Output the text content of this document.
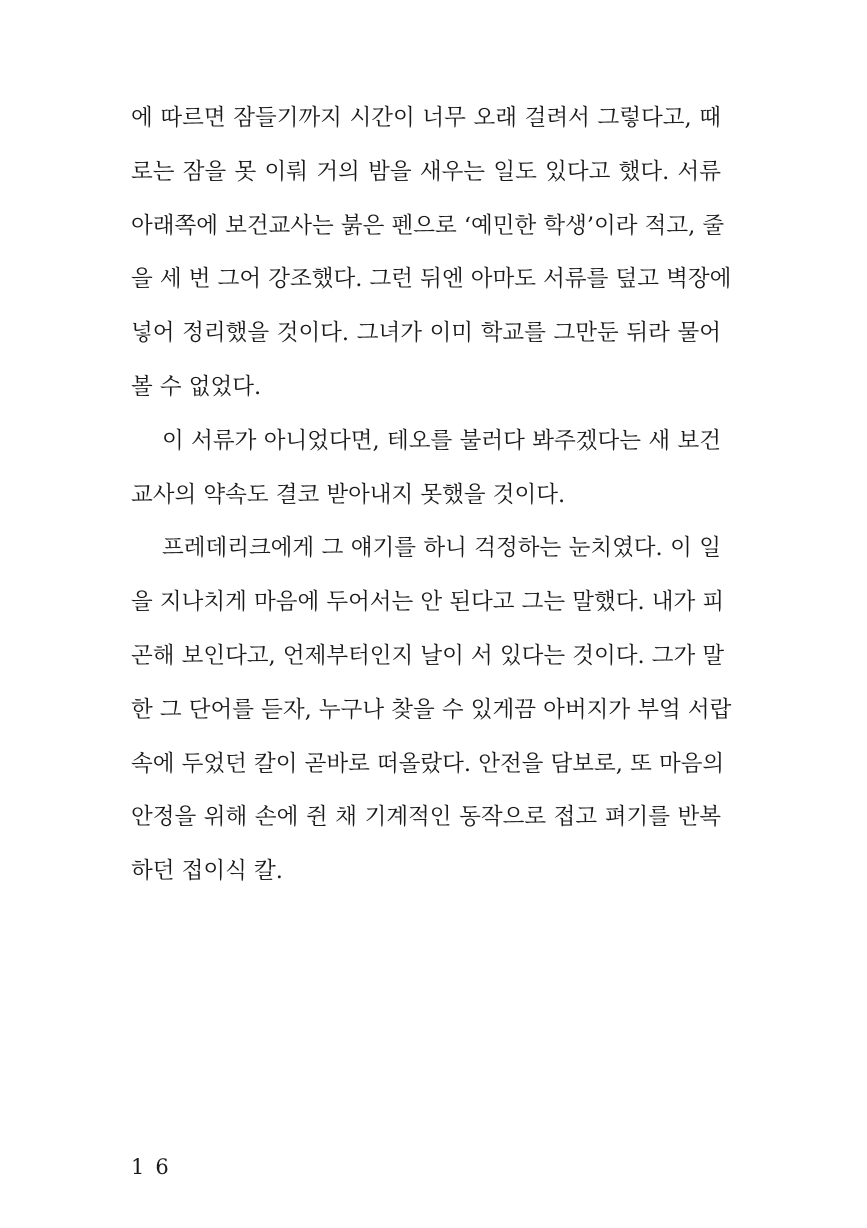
에 따르면 잠들기까지 시간이 너무 오래 걸려서 그렇다고, 때
로는 잠을 못 이뤄 거의 밤을 새우는 일도 있다고 했다. 서류
아래쪽에 보건교사는 붉은 펜으로 ‘예민한 학생’이라 적고, 줄
을 세 번 그어 강조했다. 그런 뒤엔 아마도 서류를 덮고 벽장에
넣어 정리했을 것이다. 그녀가 이미 학교를 그만둔 뒤라 물어
볼 수 없었다.
이 서류가 아니었다면, 테오를 불러다 봐주겠다는 새 보건
교사의 약속도 결코 받아내지 못했을 것이다.
프레데리크에게 그 얘기를 하니 걱정하는 눈치였다. 이 일
을 지나치게 마음에 두어서는 안 된다고 그는 말했다. 내가 피
곤해 보인다고, 언제부터인지 날이 서 있다는 것이다. 그가 말
한 그 단어를 듣자, 누구나 찾을 수 있게끔 아버지가 부엌 서랍
속에 두었던 칼이 곧바로 떠올랐다. 안전을 담보로, 또 마음의
안정을 위해 손에 쥔 채 기계적인 동작으로 접고 펴기를 반복
하던 접이식 칼.
16
